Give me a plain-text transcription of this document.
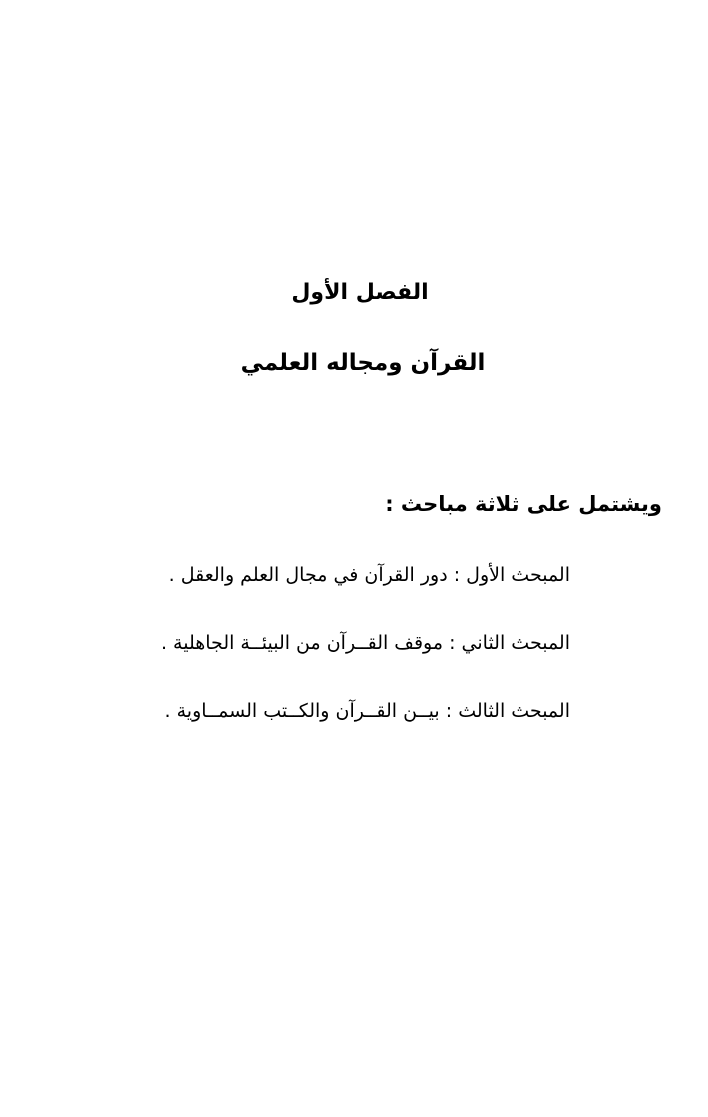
الفصل الأول
القرآن ومجاله العلمي
ويشتمل على ثلاثة مباحث :
المبحث الأول : دور القرآن في مجال العلم والعقل .
المبحث الثاني : موقف القــرآن من البيئــة الجاهلية .
المبحث الثالث : بيــن القــرآن والكــتب السمــاوية .
